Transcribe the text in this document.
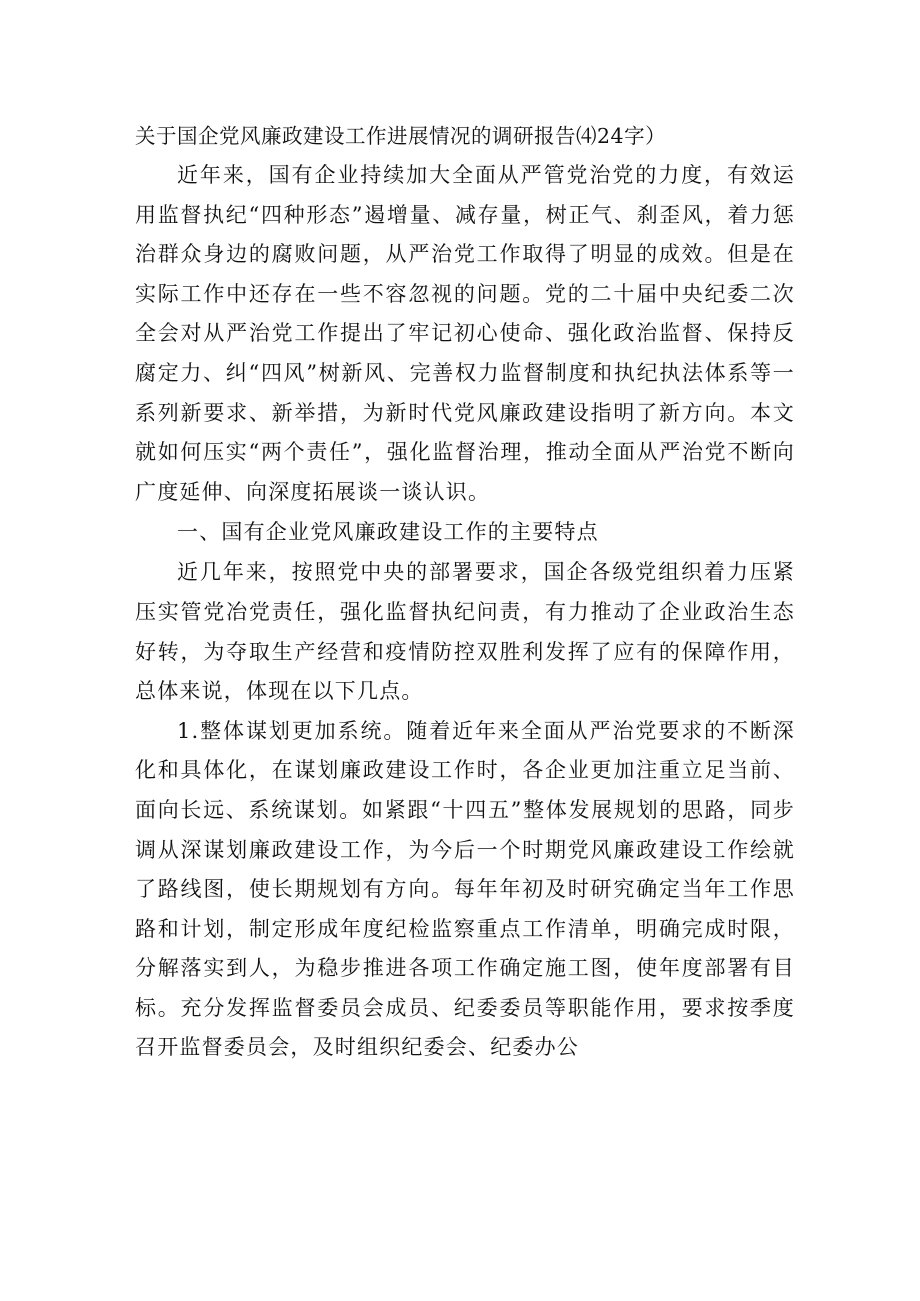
关于国企党风廉政建设工作进展情况的调研报告⑷24字）

近年来，国有企业持续加大全面从严管党治党的力度，有效运用监督执纪“四种形态”遏增量、减存量，树正气、刹歪风，着力惩治群众身边的腐败问题，从严治党工作取得了明显的成效。但是在实际工作中还存在一些不容忽视的问题。党的二十届中央纪委二次全会对从严治党工作提出了牢记初心使命、强化政治监督、保持反腐定力、纠“四风”树新风、完善权力监督制度和执纪执法体系等一系列新要求、新举措，为新时代党风廉政建设指明了新方向。本文就如何压实“两个责任”，强化监督治理，推动全面从严治党不断向广度延伸、向深度拓展谈一谈认识。

一、国有企业党风廉政建设工作的主要特点

近几年来，按照党中央的部署要求，国企各级党组织着力压紧压实管党冶党责任，强化监督执纪问责，有力推动了企业政治生态好转，为夺取生产经营和疫情防控双胜利发挥了应有的保障作用，总体来说，体现在以下几点。

1.整体谋划更加系统。随着近年来全面从严治党要求的不断深化和具体化，在谋划廉政建设工作时，各企业更加注重立足当前、面向长远、系统谋划。如紧跟“十四五”整体发展规划的思路，同步调从深谋划廉政建设工作，为今后一个时期党风廉政建设工作绘就了路线图，使长期规划有方向。每年年初及时研究确定当年工作思路和计划，制定形成年度纪检监察重点工作清单，明确完成时限，分解落实到人，为稳步推进各项工作确定施工图，使年度部署有目标。充分发挥监督委员会成员、纪委委员等职能作用，要求按季度召开监督委员会，及时组织纪委会、纪委办公
